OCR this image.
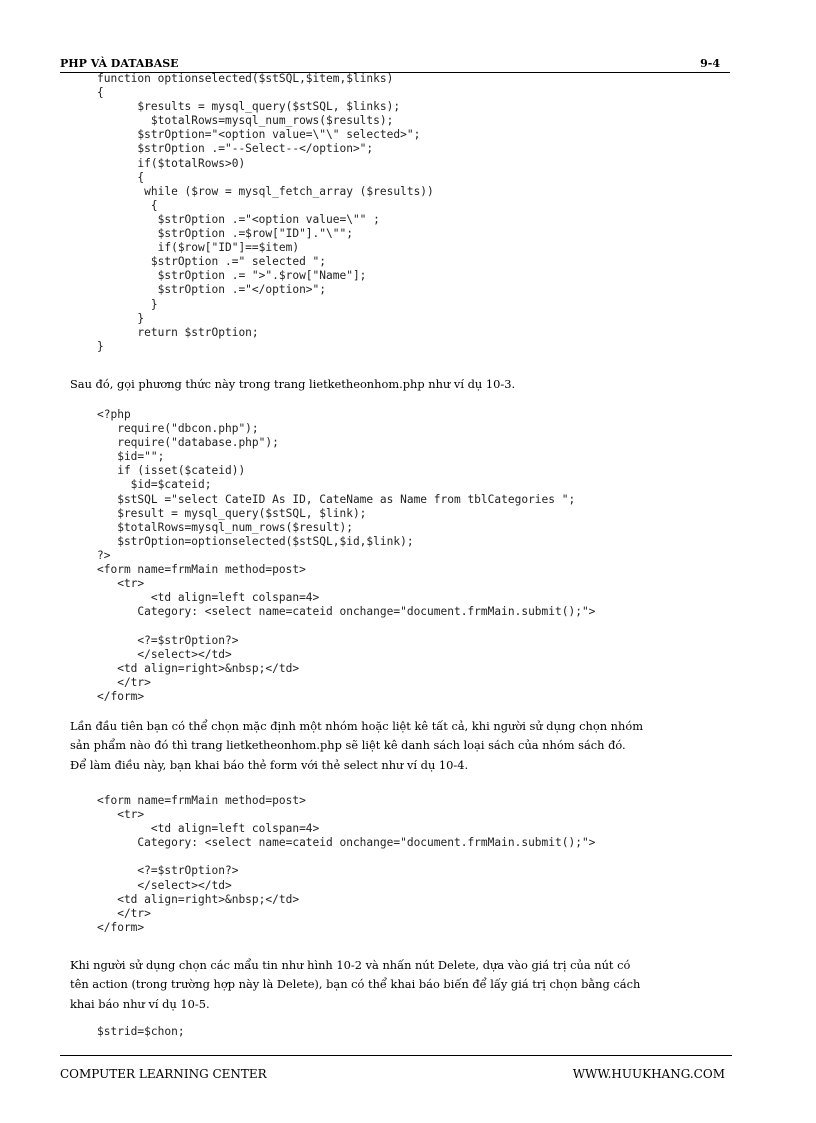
PHP VÀ DATABASE	9-4
function optionselected($stSQL,$item,$links)
{
$results = mysql_query($stSQL, $links);
$totalRows=mysql_num_rows($results);
$strOption="<option value=\"\" selected>";
$strOption .="--Select--</option>";
if($totalRows>0)
{
while ($row = mysql_fetch_array ($results))
{
$strOption .="<option value=\"" ;
$strOption .=$row["ID"]."\"";
if($row["ID"]==$item)
$strOption .=" selected ";
$strOption .= ">".$row["Name"];
$strOption .="</option>";
}
}
return $strOption;
}

Sau đó, gọi phương thức này trong trang lietketheonhom.php như ví dụ 10-3.

<?php
require("dbcon.php");
require("database.php");
$id="";
if (isset($cateid))
$id=$cateid;
$stSQL ="select CateID As ID, CateName as Name from tblCategories ";
$result = mysql_query($stSQL, $link);
$totalRows=mysql_num_rows($result);
$strOption=optionselected($stSQL,$id,$link);
?>
<form name=frmMain method=post>
<tr>
<td align=left colspan=4>
Category: <select name=cateid onchange="document.frmMain.submit();">

<?=$strOption?>
</select></td>
<td align=right>&nbsp;</td>
</tr>
</form>

Lần đầu tiên bạn có thể chọn mặc định một nhóm hoặc liệt kê tất cả, khi người sử dụng chọn nhóm
sản phẩm nào đó thì trang lietketheonhom.php sẽ liệt kê danh sách loại sách của nhóm sách đó.
Để làm điều này, bạn khai báo thẻ form với thẻ select như ví dụ 10-4.

<form name=frmMain method=post>
<tr>
<td align=left colspan=4>
Category: <select name=cateid onchange="document.frmMain.submit();">

<?=$strOption?>
</select></td>
<td align=right>&nbsp;</td>
</tr>
</form>

Khi người sử dụng chọn các mẩu tin như hình 10-2 và nhấn nút Delete, dựa vào giá trị của nút có
tên action (trong trường hợp này là Delete), bạn có thể khai báo biến để lấy giá trị chọn bằng cách
khai báo như ví dụ 10-5.

$strid=$chon;
COMPUTER LEARNING CENTER	WWW.HUUKHANG.COM
